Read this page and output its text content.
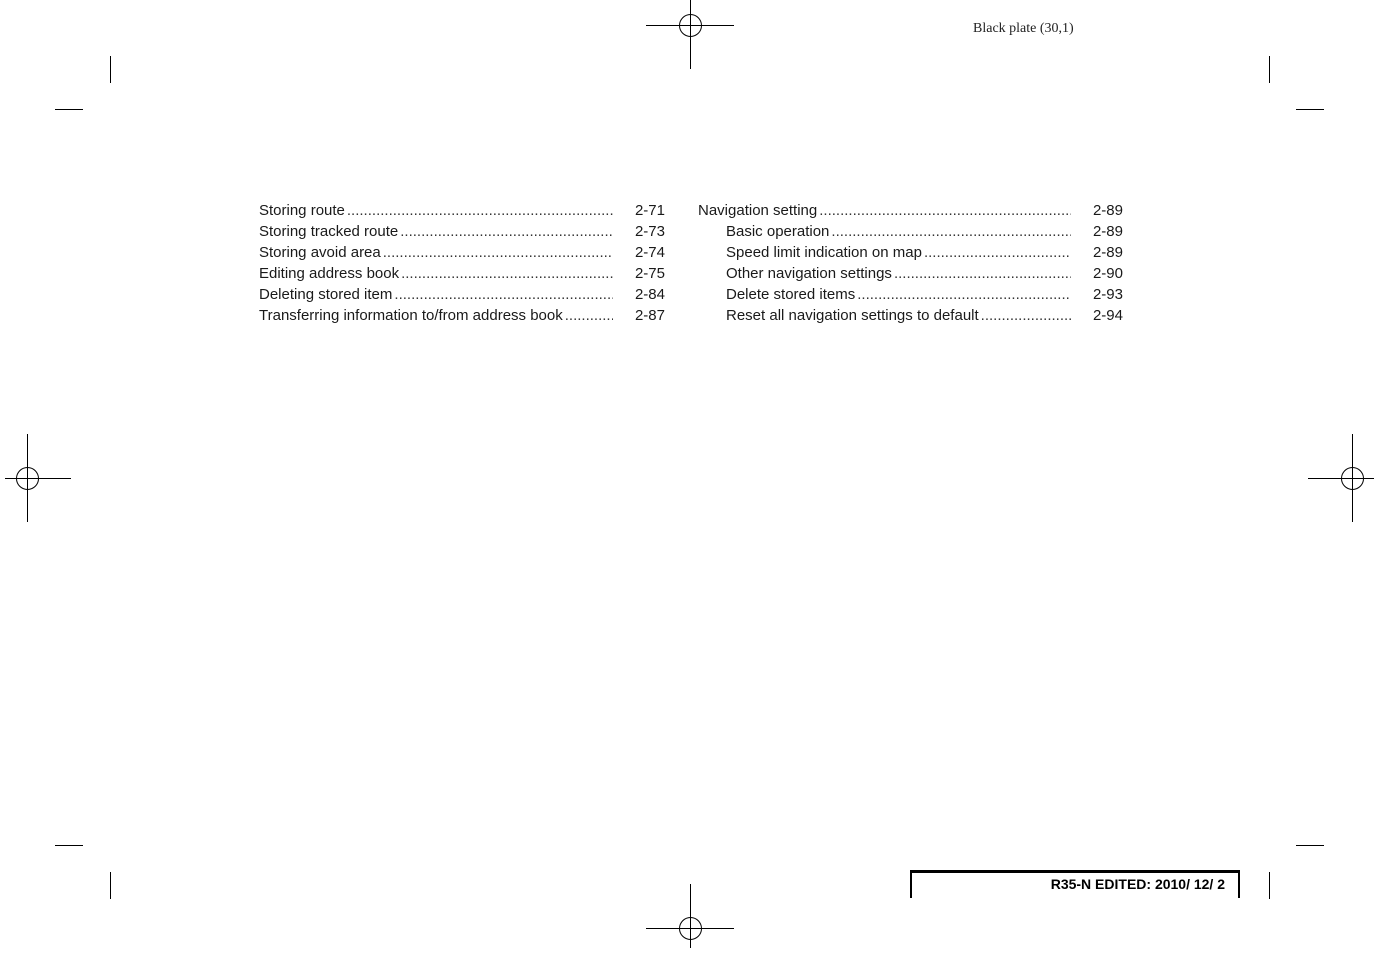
Black plate (30,1)
Storing route .....	2-71
Storing tracked route .....	2-73
Storing avoid area .....	2-74
Editing address book .....	2-75
Deleting stored item .....	2-84
Transferring information to/from address book .....	2-87
Navigation setting .....	2-89
Basic operation .....	2-89
Speed limit indication on map .....	2-89
Other navigation settings .....	2-90
Delete stored items .....	2-93
Reset all navigation settings to default .....	2-94
R35-N EDITED: 2010/ 12/ 2
